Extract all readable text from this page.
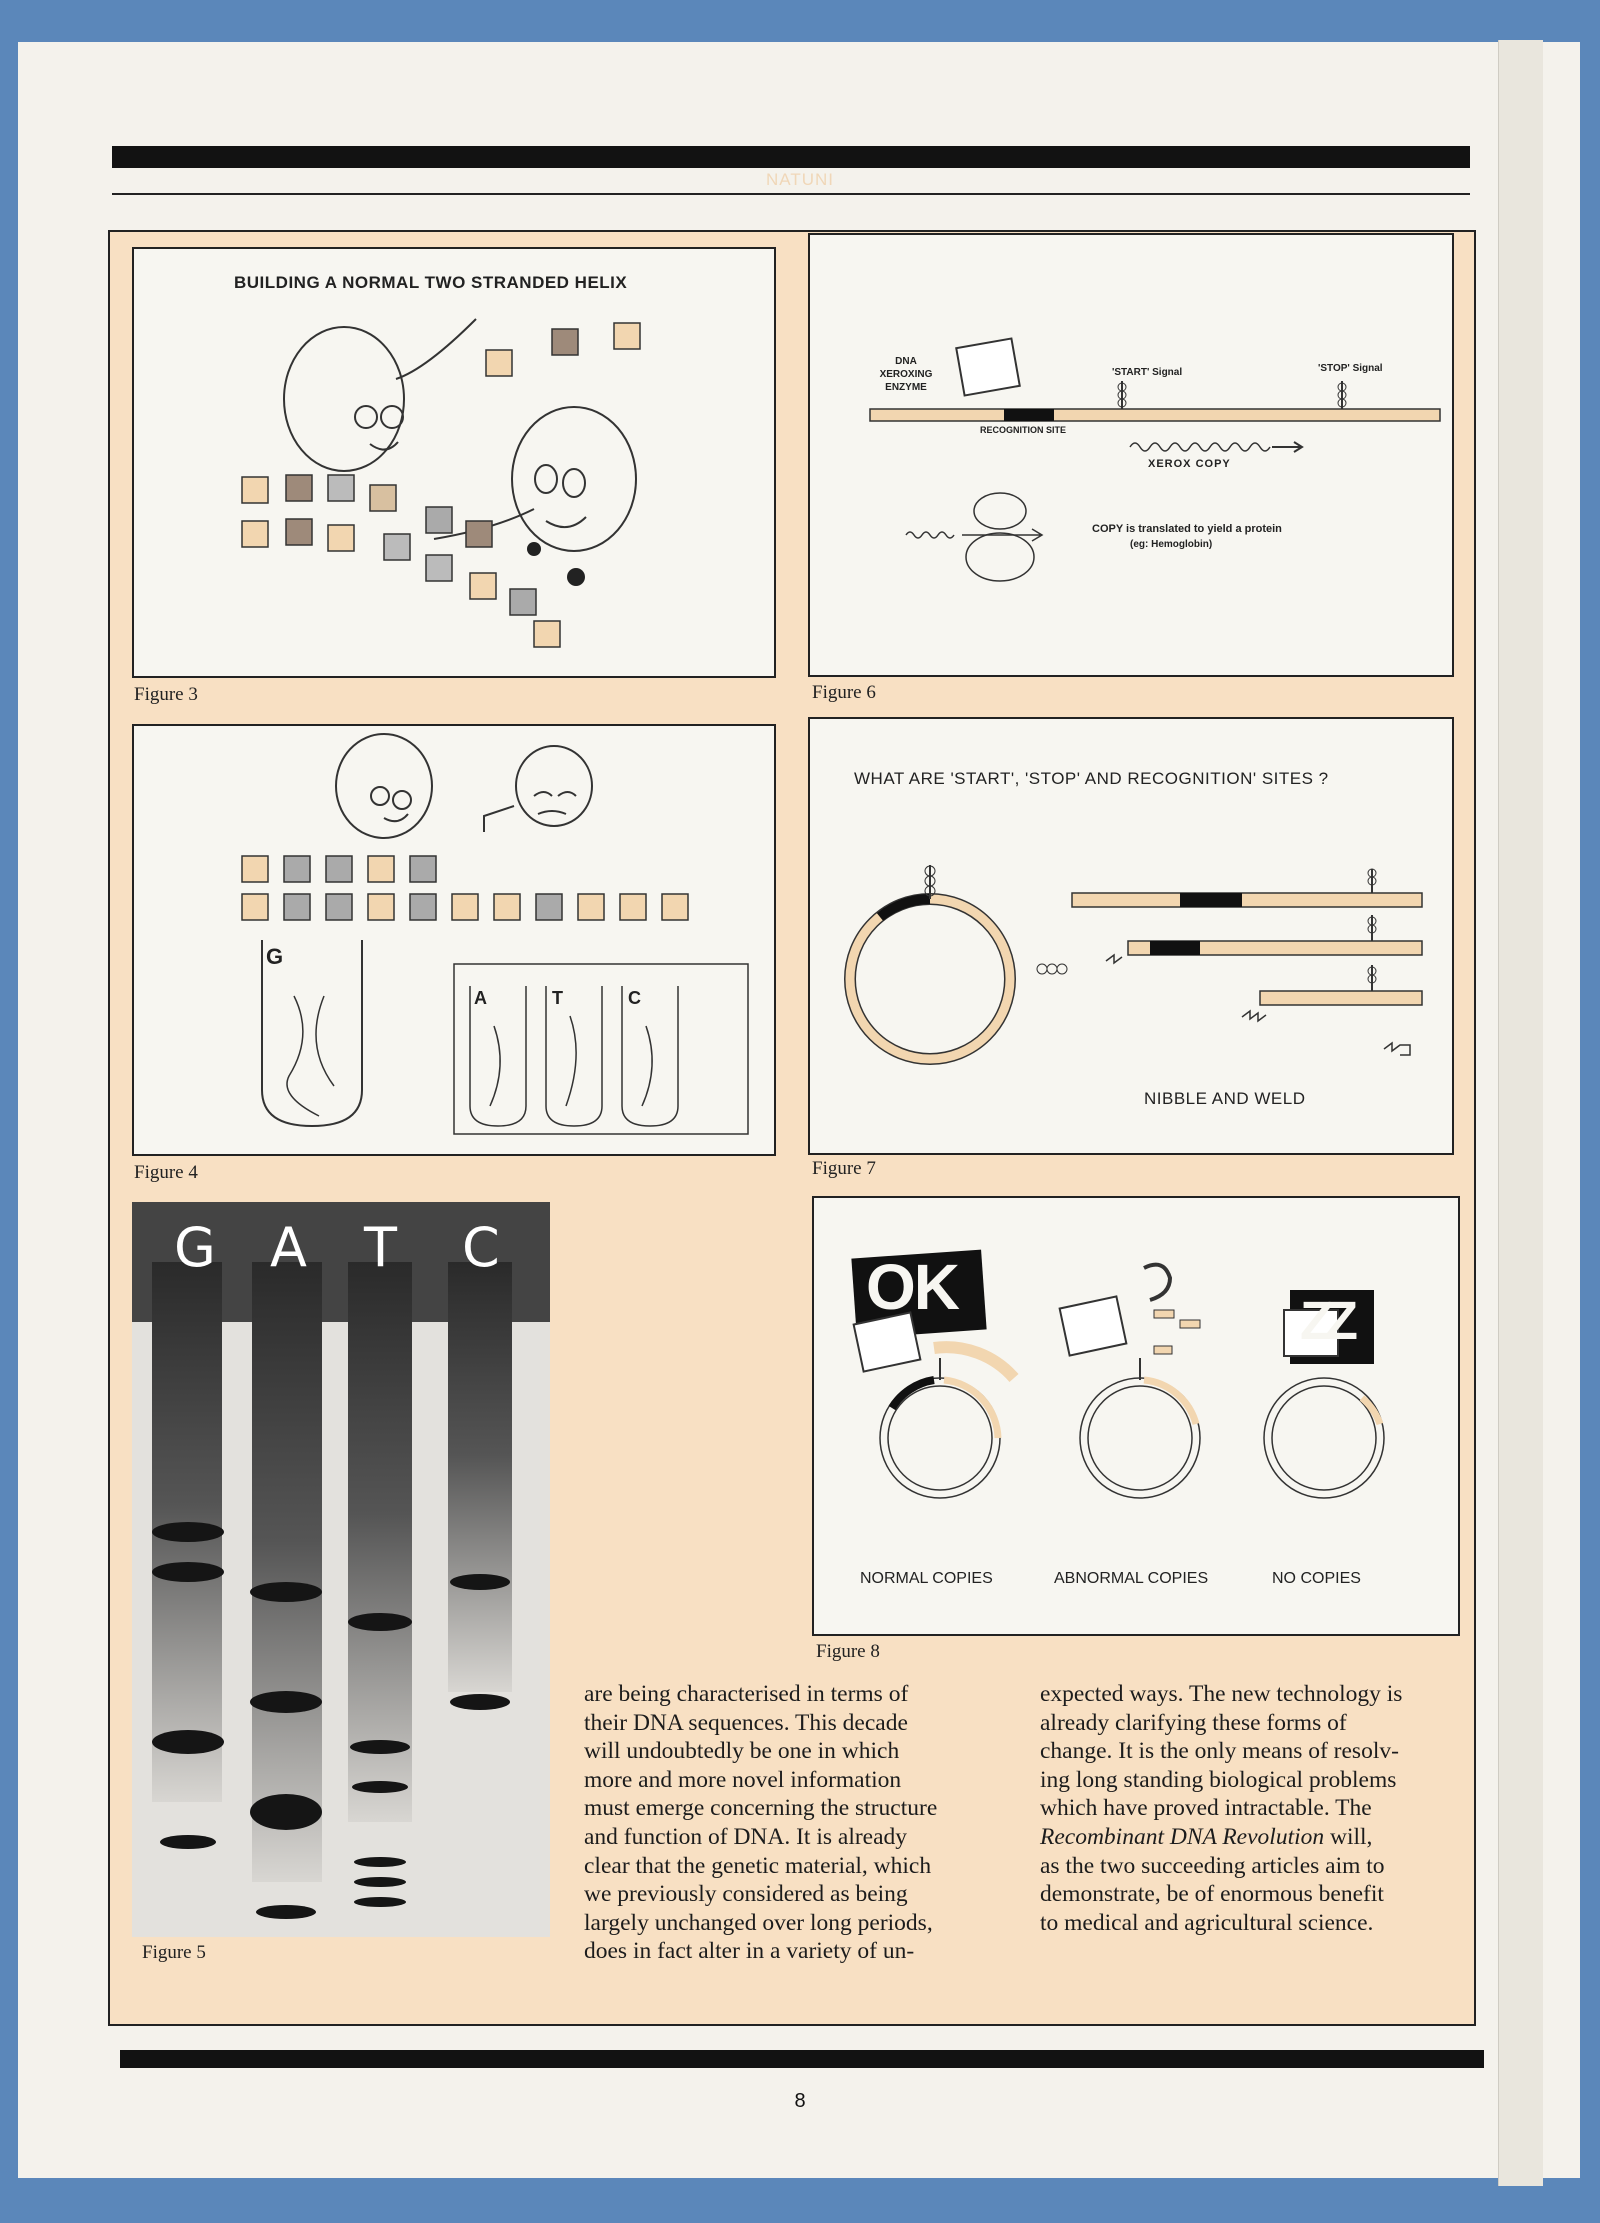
NATUNI
BUILDING A NORMAL TWO STRANDED HELIX
Figure 3
DNA XEROXING ENZYME
'START' Signal	'STOP' Signal
RECOGNITION SITE
XEROX COPY
COPY is translated to yield a protein
(eg: Hemoglobin)
Figure 6
G
A	T	C
Figure 4
WHAT ARE 'START', 'STOP' AND RECOGNITION' SITES ?
NIBBLE AND WELD
Figure 7
G A T C
Figure 5
OK	ZZ
NORMAL COPIES	ABNORMAL COPIES	NO COPIES
Figure 8
are being characterised in terms of
their DNA sequences. This decade
will undoubtedly be one in which
more and more novel information
must emerge concerning the structure
and function of DNA. It is already
clear that the genetic material, which
we previously considered as being
largely unchanged over long periods,
does in fact alter in a variety of un-
expected ways. The new technology is
already clarifying these forms of
change. It is the only means of resolv-
ing long standing biological problems
which have proved intractable. The
Recombinant DNA Revolution will,
as the two succeeding articles aim to
demonstrate, be of enormous benefit
to medical and agricultural science.
8
